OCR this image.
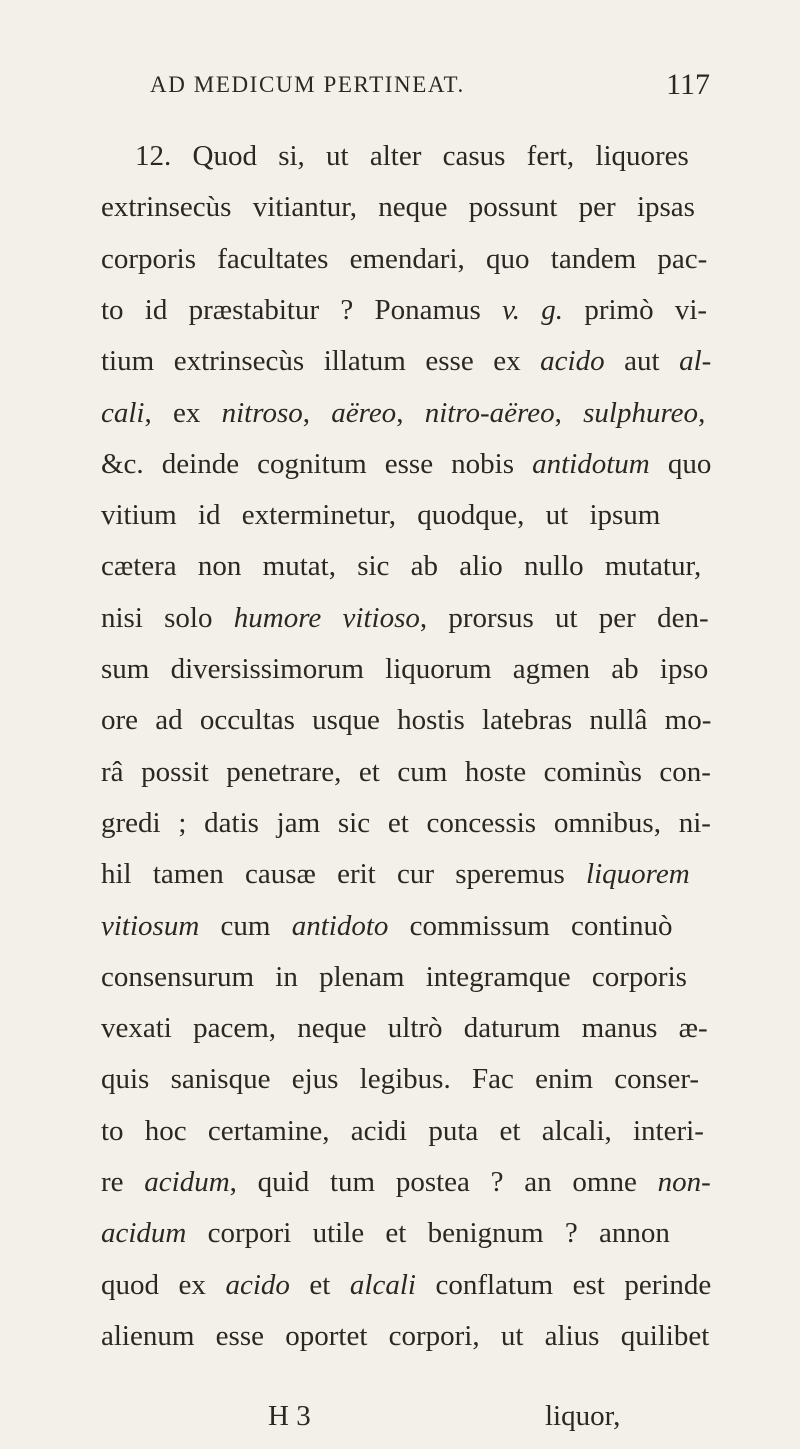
AD MEDICUM PERTINEAT.	117
12. Quod si, ut alter casus fert, liquores
extrinsecùs vitiantur, neque possunt per ipsas
corporis facultates emendari, quo tandem pac-
to id præstabitur ? Ponamus v. g. primò vi-
tium extrinsecùs illatum esse ex acido aut al-
cali, ex nitroso, aëreo, nitro-aëreo, sulphureo,
&c. deinde cognitum esse nobis antidotum quo
vitium id exterminetur, quodque, ut ipsum
cætera non mutat, sic ab alio nullo mutatur,
nisi solo humore vitioso, prorsus ut per den-
sum diversissimorum liquorum agmen ab ipso
ore ad occultas usque hostis latebras nullâ mo-
râ possit penetrare, et cum hoste cominùs con-
gredi ; datis jam sic et concessis omnibus, ni-
hil tamen causæ erit cur speremus liquorem
vitiosum cum antidoto commissum continuò
consensurum in plenam integramque corporis
vexati pacem, neque ultrò daturum manus æ-
quis sanisque ejus legibus. Fac enim conser-
to hoc certamine, acidi puta et alcali, interi-
re acidum, quid tum postea ? an omne non-
acidum corpori utile et benignum ? annon
quod ex acido et alcali conflatum est perinde
alienum esse oportet corpori, ut alius quilibet
H 3	liquor,
